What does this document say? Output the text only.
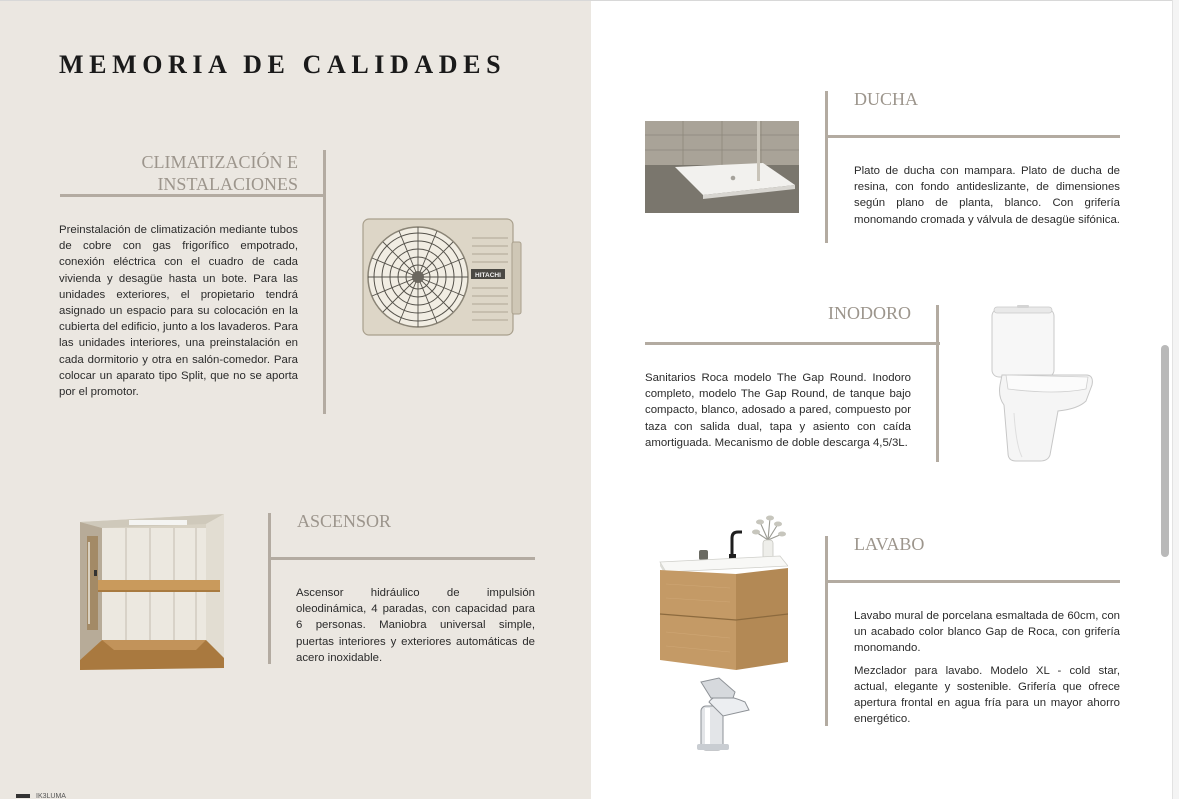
MEMORIA DE CALIDADES
CLIMATIZACIÓN E
INSTALACIONES
Preinstalación de climatización mediante tubos de cobre con gas frigorífico empotrado, conexión eléctrica con el cuadro de cada vivienda y desagüe hasta un bote. Para las unidades exteriores, el propietario tendrá asignado un espacio para su colocación en la cubierta del edificio, junto a los lavaderos. Para las unidades interiores, una preinstalación en cada dormitorio y otra en salón-comedor. Para colocar un aparato tipo Split, que no se aporta por el promotor.
HITACHI
ASCENSOR
Ascensor hidráulico de impulsión oleodinámica, 4 paradas, con capacidad para 6 personas. Maniobra universal simple, puertas interiores y exteriores automáticas de acero inoxidable.
DUCHA
Plato de ducha con mampara. Plato de ducha de resina, con fondo antideslizante, de dimensiones según plano de planta, blanco. Con grifería monomando cromada y válvula de desagüe sifónica.
INODORO
Sanitarios Roca modelo The Gap Round. Inodoro completo, modelo The Gap Round, de tanque bajo compacto, blanco, adosado a pared, compuesto por taza con salida dual, tapa y asiento con caída amortiguada. Mecanismo de doble descarga 4,5/3L.
LAVABO

Lavabo mural de porcelana esmaltada de 60cm, con un acabado color blanco Gap de Roca, con grifería monomando.

Mezclador para lavabo. Modelo XL - cold star, actual, elegante y sostenible. Grifería que ofrece apertura frontal en agua fría para un mayor ahorro energético.

IK3LUMA
